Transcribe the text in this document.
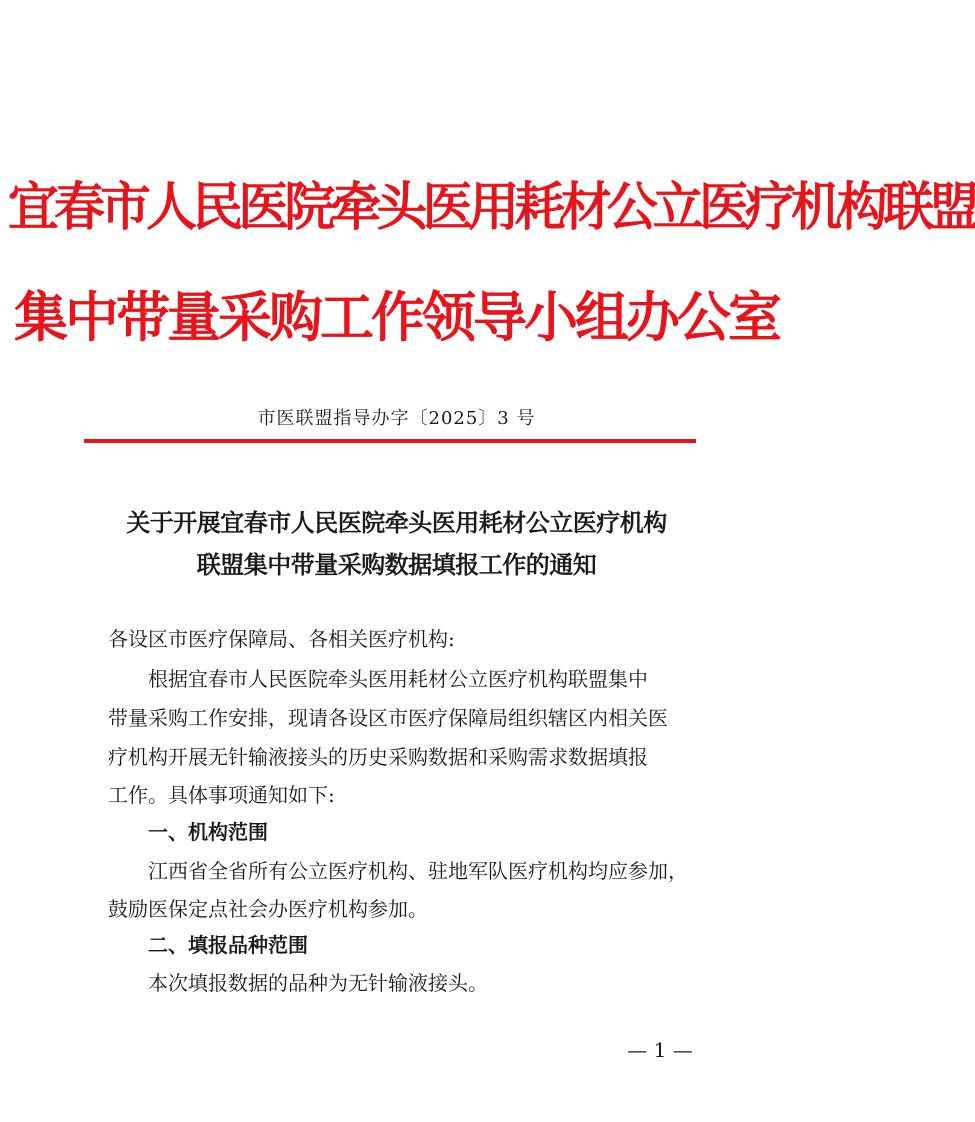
宜春市人民医院牵头医用耗材公立医疗机构联盟
集中带量采购工作领导小组办公室
市医联盟指导办字〔2025〕3 号
关于开展宜春市人民医院牵头医用耗材公立医疗机构
联盟集中带量采购数据填报工作的通知
各设区市医疗保障局、各相关医疗机构:
根据宜春市人民医院牵头医用耗材公立医疗机构联盟集中
带量采购工作安排，现请各设区市医疗保障局组织辖区内相关医
疗机构开展无针输液接头的历史采购数据和采购需求数据填报
工作。具体事项通知如下:
一、机构范围
江西省全省所有公立医疗机构、驻地军队医疗机构均应参加，
鼓励医保定点社会办医疗机构参加。
二、填报品种范围
本次填报数据的品种为无针输液接头。
— 1 —
